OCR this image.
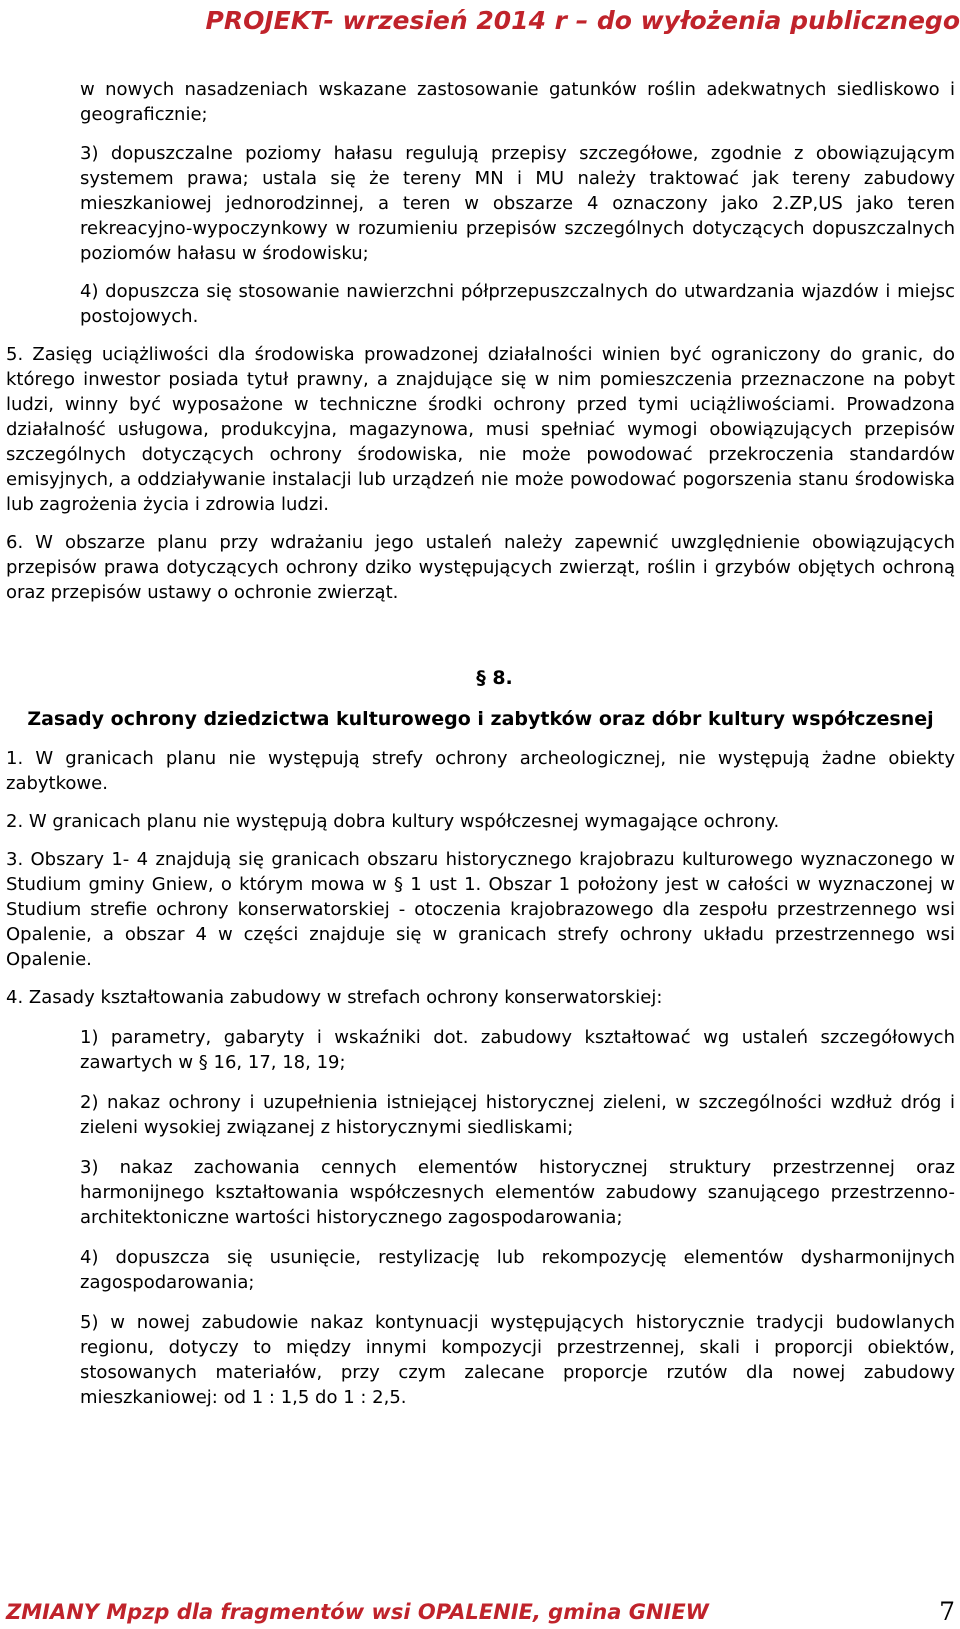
PROJEKT- wrzesień 2014 r – do wyłożenia publicznego

w nowych nasadzeniach wskazane zastosowanie gatunków roślin adekwatnych siedliskowo i geograficznie;

3) dopuszczalne poziomy hałasu regulują przepisy szczegółowe, zgodnie z obowiązującym systemem prawa; ustala się że tereny MN i MU należy traktować jak tereny zabudowy mieszkaniowej jednorodzinnej, a teren w obszarze 4 oznaczony jako 2.ZP,US jako teren rekreacyjno-wypoczynkowy w rozumieniu przepisów szczególnych dotyczących dopuszczalnych poziomów hałasu w środowisku;

4) dopuszcza się stosowanie nawierzchni półprzepuszczalnych do utwardzania wjazdów i miejsc postojowych.

5. Zasięg uciążliwości dla środowiska prowadzonej działalności winien być ograniczony do granic, do którego inwestor posiada tytuł prawny, a znajdujące się w nim pomieszczenia przeznaczone na pobyt ludzi, winny być wyposażone w techniczne środki ochrony przed tymi uciążliwościami. Prowadzona działalność usługowa, produkcyjna, magazynowa, musi spełniać wymogi obowiązujących przepisów szczególnych dotyczących ochrony środowiska, nie może powodować przekroczenia standardów emisyjnych, a oddziaływanie instalacji lub urządzeń nie może powodować pogorszenia stanu środowiska lub zagrożenia życia i zdrowia ludzi.

6. W obszarze planu przy wdrażaniu jego ustaleń należy zapewnić uwzględnienie obowiązujących przepisów prawa dotyczących ochrony dziko występujących zwierząt, roślin i grzybów objętych ochroną oraz przepisów ustawy o ochronie zwierząt.

§ 8.
Zasady ochrony dziedzictwa kulturowego i zabytków oraz dóbr kultury współczesnej

1. W granicach planu nie występują strefy ochrony archeologicznej, nie występują żadne obiekty zabytkowe.

2. W granicach planu nie występują dobra kultury współczesnej wymagające ochrony.

3. Obszary 1- 4 znajdują się granicach obszaru historycznego krajobrazu kulturowego wyznaczonego w Studium gminy Gniew, o którym mowa w § 1 ust 1. Obszar 1 położony jest w całości w wyznaczonej w Studium strefie ochrony konserwatorskiej - otoczenia krajobrazowego dla zespołu przestrzennego wsi Opalenie, a obszar 4 w części znajduje się w granicach strefy ochrony układu przestrzennego wsi Opalenie.

4. Zasady kształtowania zabudowy w strefach ochrony konserwatorskiej:

1) parametry, gabaryty i wskaźniki dot. zabudowy kształtować wg ustaleń szczegółowych zawartych w § 16, 17, 18, 19;

2) nakaz ochrony i uzupełnienia istniejącej historycznej zieleni, w szczególności wzdłuż dróg i zieleni wysokiej związanej z historycznymi siedliskami;

3) nakaz zachowania cennych elementów historycznej struktury przestrzennej oraz harmonijnego kształtowania współczesnych elementów zabudowy szanującego przestrzenno-architektoniczne wartości historycznego zagospodarowania;

4) dopuszcza się usunięcie, restylizację lub rekompozycję elementów dysharmonijnych zagospodarowania;

5) w nowej zabudowie nakaz kontynuacji występujących historycznie tradycji budowlanych regionu, dotyczy to między innymi kompozycji przestrzennej, skali i proporcji obiektów, stosowanych materiałów, przy czym zalecane proporcje rzutów dla nowej zabudowy mieszkaniowej: od 1 : 1,5 do 1 : 2,5.

ZMIANY Mpzp dla fragmentów wsi OPALENIE, gmina GNIEW	7
